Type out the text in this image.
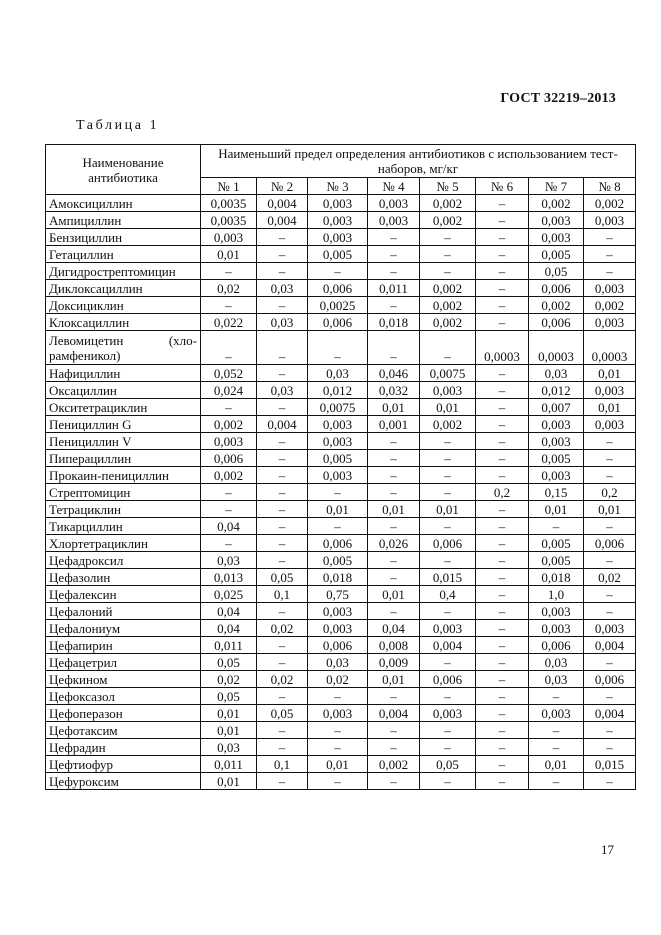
ГОСТ 32219–2013
Таблица 1
Наименование антибиотика	Наименьший предел определения антибиотиков с использованием тест-наборов, мг/кг							
	№ 1	№ 2	№ 3	№ 4	№ 5	№ 6	№ 7	№ 8
Амоксициллин	0,0035	0,004	0,003	0,003	0,002	–	0,002	0,002
Ампициллин	0,0035	0,004	0,003	0,003	0,002	–	0,003	0,003
Бензициллин	0,003	–	0,003	–	–	–	0,003	–
Гетациллин	0,01	–	0,005	–	–	–	0,005	–
Дигидрострептомицин	–	–	–	–	–	–	0,05	–
Диклоксациллин	0,02	0,03	0,006	0,011	0,002	–	0,006	0,003
Доксициклин	–	–	0,0025	–	0,002	–	0,002	0,002
Клоксациллин	0,022	0,03	0,006	0,018	0,002	–	0,006	0,003

Левомицетин (хло-
рамфеникол)	–	–	–	–	–	0,0003	0,0003	0,0003
Нафициллин	0,052	–	0,03	0,046	0,0075	–	0,03	0,01
Оксациллин	0,024	0,03	0,012	0,032	0,003	–	0,012	0,003
Окситетрациклин	–	–	0,0075	0,01	0,01	–	0,007	0,01
Пенициллин G	0,002	0,004	0,003	0,001	0,002	–	0,003	0,003
Пенициллин V	0,003	–	0,003	–	–	–	0,003	–
Пиперациллин	0,006	–	0,005	–	–	–	0,005	–
Прокаин-пенициллин	0,002	–	0,003	–	–	–	0,003	–
Стрептомицин	–	–	–	–	–	0,2	0,15	0,2
Тетрациклин	–	–	0,01	0,01	0,01	–	0,01	0,01
Тикарциллин	0,04	–	–	–	–	–	–	–
Хлортетрациклин	–	–	0,006	0,026	0,006	–	0,005	0,006
Цефадроксил	0,03	–	0,005	–	–	–	0,005	–
Цефазолин	0,013	0,05	0,018	–	0,015	–	0,018	0,02
Цефалексин	0,025	0,1	0,75	0,01	0,4	–	1,0	–
Цефалоний	0,04	–	0,003	–	–	–	0,003	–
Цефалониум	0,04	0,02	0,003	0,04	0,003	–	0,003	0,003
Цефапирин	0,011	–	0,006	0,008	0,004	–	0,006	0,004
Цефацетрил	0,05	–	0,03	0,009	–	–	0,03	–
Цефкином	0,02	0,02	0,02	0,01	0,006	–	0,03	0,006
Цефоксазол	0,05	–	–	–	–	–	–	–
Цефоперазон	0,01	0,05	0,003	0,004	0,003	–	0,003	0,004
Цефотаксим	0,01	–	–	–	–	–	–	–
Цефрадин	0,03	–	–	–	–	–	–	–
Цефтиофур	0,011	0,1	0,01	0,002	0,05	–	0,01	0,015
Цефуроксим	0,01	–	–	–	–	–	–	–
17
